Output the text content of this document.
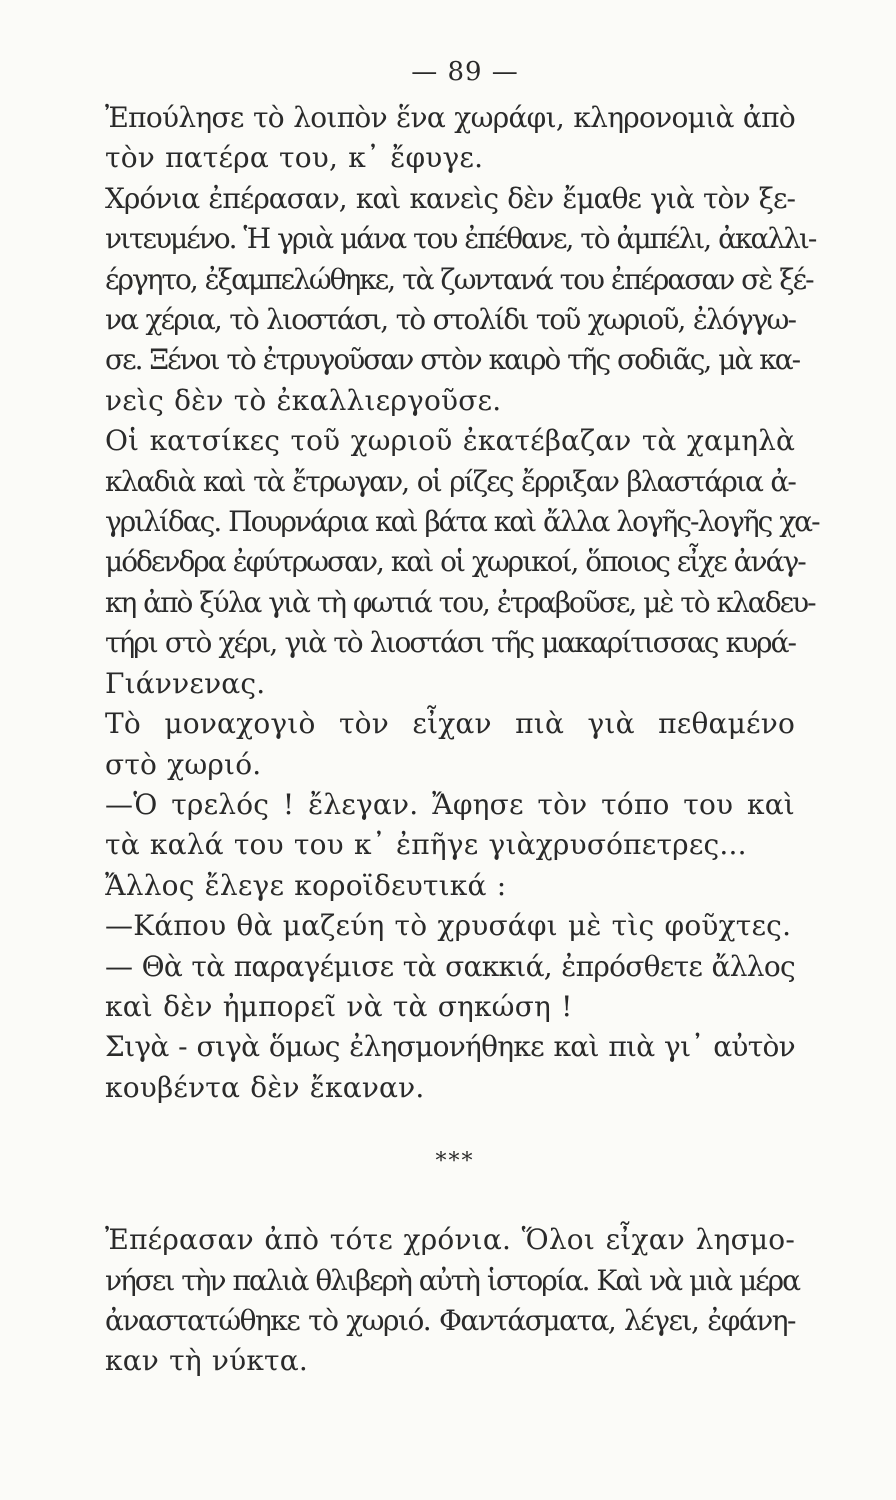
— 89 —
Ἐπούλησε τὸ λοιπὸν ἕνα χωράφι, κληρονομιὰ ἀπὸ
τὸν πατέρα του, κ᾿ ἔφυγε.
Χρόνια ἐπέρασαν, καὶ κανεὶς δὲν ἔμαθε γιὰ τὸν ξε-
νιτευμένο. Ἡ γριὰ μάνα του ἐπέθανε, τὸ ἀμπέλι, ἀκαλλι-
έργητο, ἐξαμπελώθηκε, τὰ ζωντανά του ἐπέρασαν σὲ ξέ-
να χέρια, τὸ λιοστάσι, τὸ στολίδι τοῦ χωριοῦ, ἐλόγγω-
σε. Ξένοι τὸ ἐτρυγοῦσαν στὸν καιρὸ τῆς σοδιᾶς, μὰ κα-
νεὶς δὲν τὸ ἐκαλλιεργοῦσε.
Οἱ κατσίκες τοῦ χωριοῦ ἐκατέβαζαν τὰ χαμηλὰ
κλαδιὰ καὶ τὰ ἔτρωγαν, οἱ ρίζες ἔρριξαν βλαστάρια ἀ-
γριλίδας. Πουρνάρια καὶ βάτα καὶ ἄλλα λογῆς-λογῆς χα-
μόδενδρα ἐφύτρωσαν, καὶ οἱ χωρικοί, ὅποιος εἶχε ἀνάγ-
κη ἀπὸ ξύλα γιὰ τὴ φωτιά του, ἐτραβοῦσε, μὲ τὸ κλαδευ-
τήρι στὸ χέρι, γιὰ τὸ λιοστάσι τῆς μακαρίτισσας κυρά-
Γιάννενας.
Τὸ μοναχογιὸ τὸν εἶχαν πιὰ γιὰ πεθαμένο
στὸ χωριό.
—Ὁ τρελός ! ἔλεγαν. Ἄφησε τὸν τόπο του καὶ
τὰ καλά του του κ᾿ ἐπῆγε γιὰχρυσόπετρες...
Ἄλλος ἔλεγε κοροϊδευτικά :
—Κάπου θὰ μαζεύη τὸ χρυσάφι μὲ τὶς φοῦχτες.
— Θὰ τὰ παραγέμισε τὰ σακκιά, ἐπρόσθετε ἄλλος
καὶ δὲν ἠμπορεῖ νὰ τὰ σηκώση !
Σιγὰ - σιγὰ ὅμως ἐλησμονήθηκε καὶ πιὰ γι᾿ αὐτὸν
κουβέντα δὲν ἔκαναν.
***
Ἐπέρασαν ἀπὸ τότε χρόνια. Ὅλοι εἶχαν λησμο-
νήσει τὴν παλιὰ θλιβερὴ αὐτὴ ἱστορία. Καὶ νὰ μιὰ μέρα
ἀναστατώθηκε τὸ χωριό. Φαντάσματα, λέγει, ἐφάνη-
καν τὴ νύκτα.
